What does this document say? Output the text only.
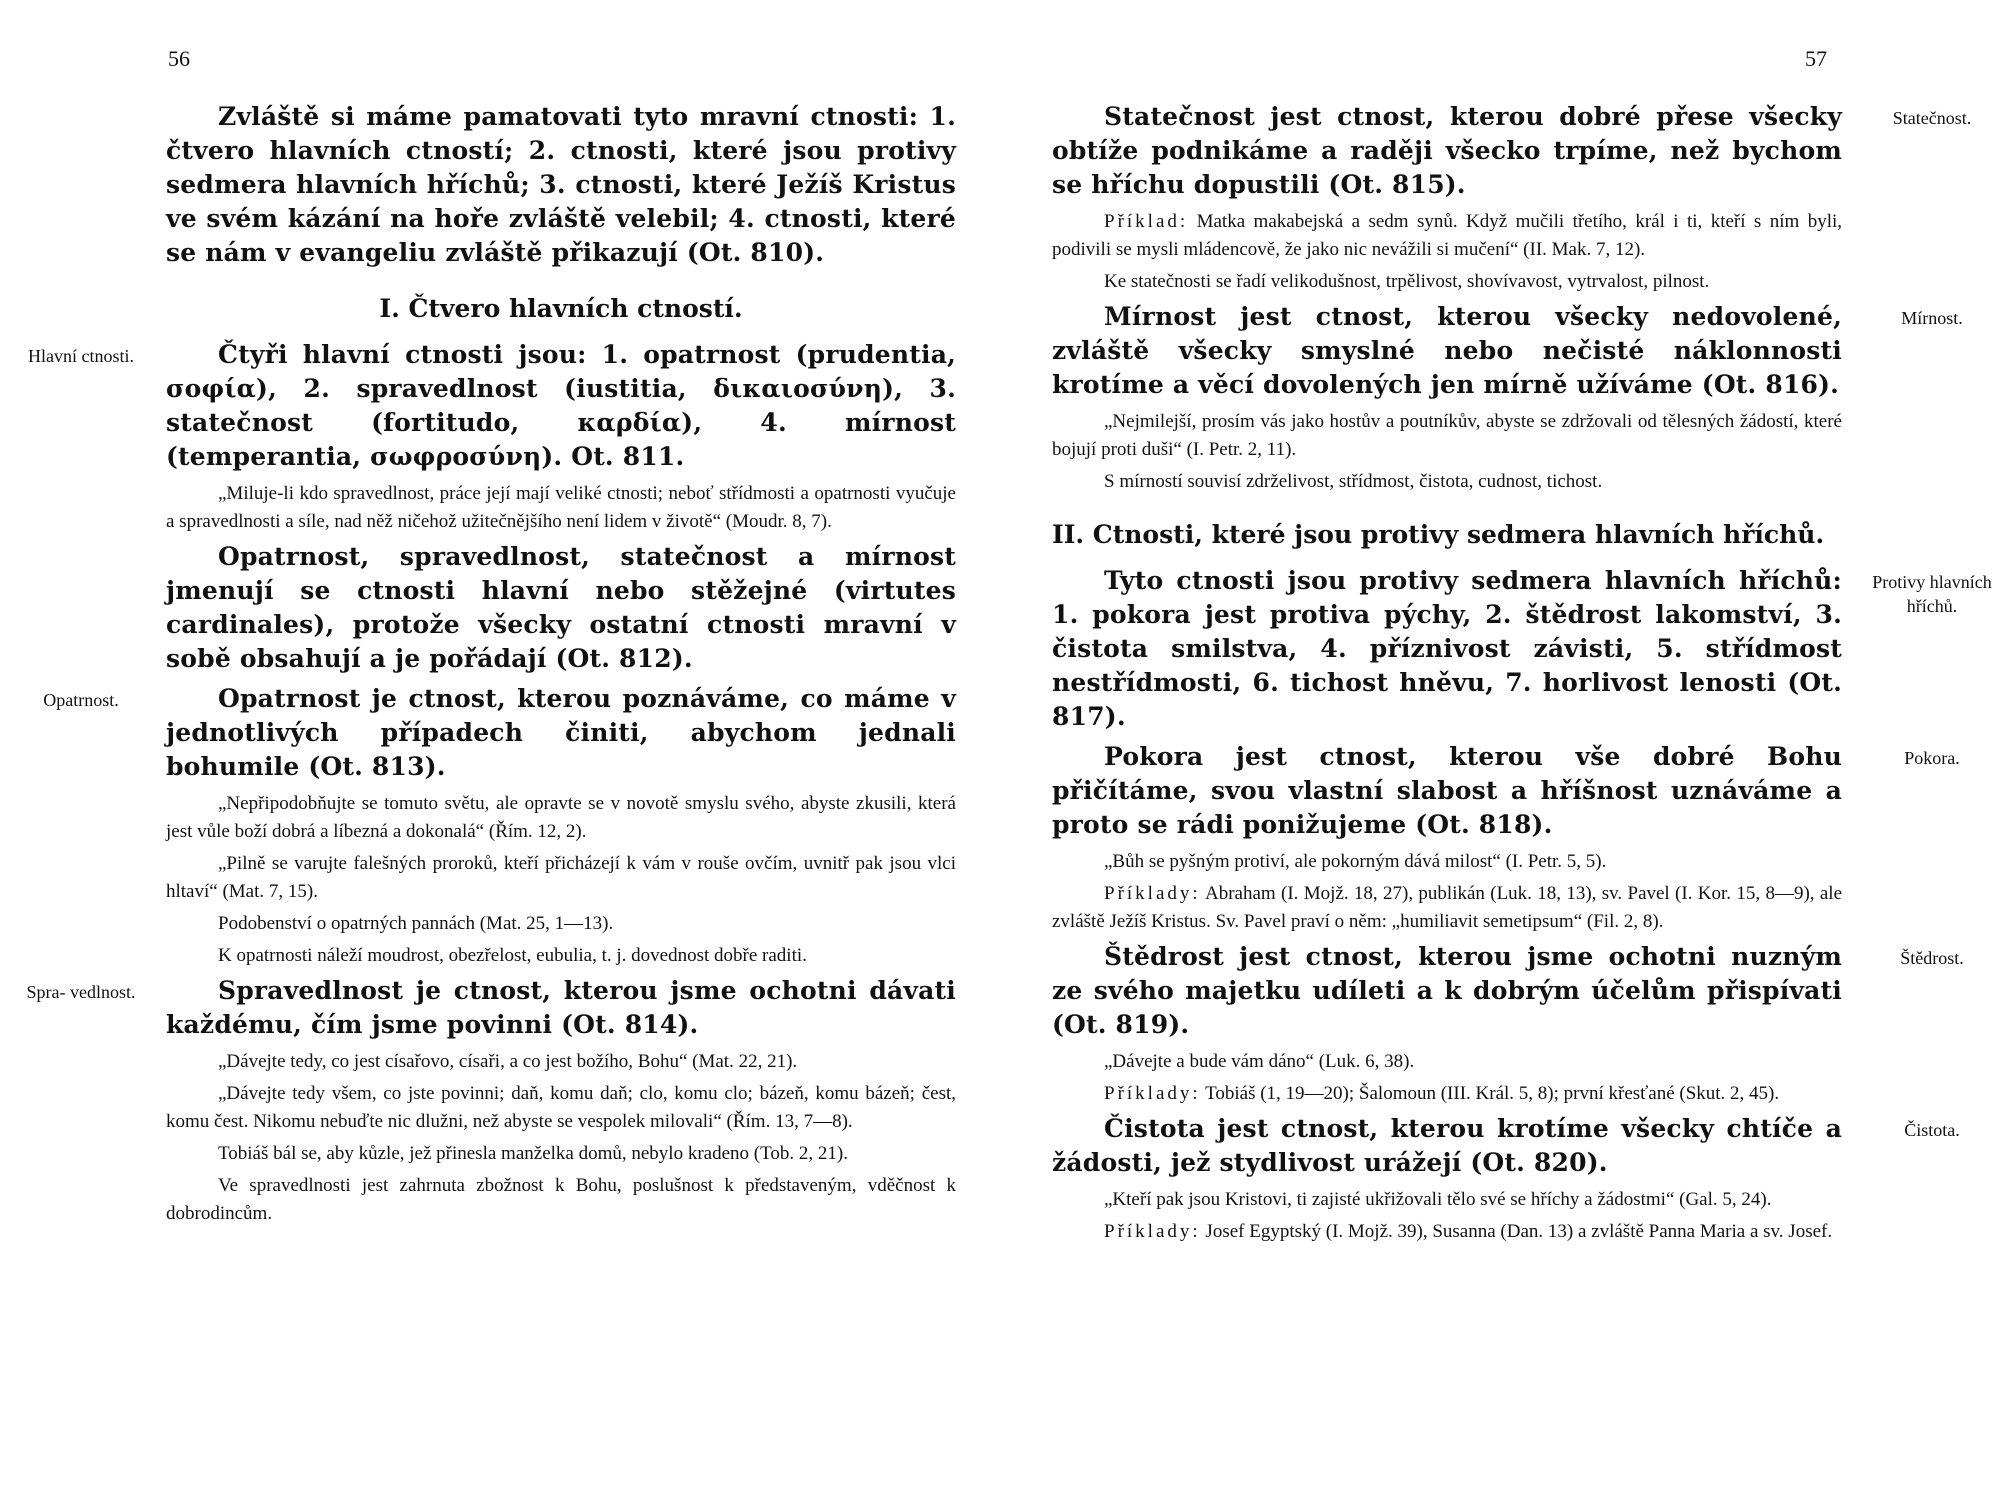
56

Zvláště si máme pamatovati tyto mravní ctnosti: 1. čtvero hlavních ctností; 2. ctnosti, které jsou protivy sedmera hlavních hříchů; 3. ctnosti, které Ježíš Kristus ve svém kázání na hoře zvláště velebil; 4. ctnosti, které se nám v evangeliu zvláště přikazují (Ot. 810).

I. Čtvero hlavních ctností.
Hlavní ctnosti.	Čtyři hlavní ctnosti jsou: 1. opatrnost (prudentia, σοφία), 2. spravedlnost (iustitia, δικαιοσύνη), 3. statečnost (fortitudo, καρδία), 4. mírnost (temperantia, σωφροσύνη). Ot. 811.

„Miluje-li kdo spravedlnost, práce její mají veliké ctnosti; neboť střídmosti a opatrnosti vyučuje a spravedlnosti a síle, nad něž ničehož užitečnějšího není lidem v životě“ (Moudr. 8, 7).

Opatrnost, spravedlnost, statečnost a mírnost jmenují se ctnosti hlavní nebo stěžejné (virtutes cardinales), protože všecky ostatní ctnosti mravní v sobě obsahují a je pořádají (Ot. 812).

Opatrnost.	Opatrnost je ctnost, kterou poznáváme, co máme v jednotlivých případech činiti, abychom jednali bohumile (Ot. 813).

„Nepřipodobňujte se tomuto světu, ale opravte se v novotě smyslu svého, abyste zkusili, která jest vůle boží dobrá a líbezná a dokonalá“ (Řím. 12, 2).

„Pilně se varujte falešných proroků, kteří přicházejí k vám v rouše ovčím, uvnitř pak jsou vlci hltaví“ (Mat. 7, 15).

Podobenství o opatrných pannách (Mat. 25, 1—13).

K opatrnosti náleží moudrost, obezřelost, eubulia, t. j. dovednost dobře raditi.

Spra- vedlnost.	Spravedlnost je ctnost, kterou jsme ochotni dávati každému, čím jsme povinni (Ot. 814).

„Dávejte tedy, co jest císařovo, císaři, a co jest božího, Bohu“ (Mat. 22, 21).

„Dávejte tedy všem, co jste povinni; daň, komu daň; clo, komu clo; bázeň, komu bázeň; čest, komu čest. Nikomu nebuďte nic dlužni, než abyste se vespolek milovali“ (Řím. 13, 7—8).

Tobiáš bál se, aby kůzle, jež přinesla manželka domů, nebylo kradeno (Tob. 2, 21).

Ve spravedlnosti jest zahrnuta zbožnost k Bohu, poslušnost k představeným, vděčnost k dobrodincům.

57
Statečnost.

Statečnost jest ctnost, kterou dobré přese všecky obtíže podnikáme a raději všecko trpíme, než bychom se hříchu dopustili (Ot. 815).

Příklad: Matka makabejská a sedm synů. Když mučili třetího, král i ti, kteří s ním byli, podivili se mysli mládencově, že jako nic nevážili si mučení“ (II. Mak. 7, 12).

Ke statečnosti se řadí velikodušnost, trpělivost, shovívavost, vytrvalost, pilnost.

Mírnost.

Mírnost jest ctnost, kterou všecky nedovolené, zvláště všecky smyslné nebo nečisté náklonnosti krotíme a věcí dovolených jen mírně užíváme (Ot. 816).

„Nejmilejší, prosím vás jako hostův a poutníkův, abyste se zdržovali od tělesných žádostí, které bojují proti duši“ (I. Petr. 2, 11).

S mírností souvisí zdrželivost, střídmost, čistota, cudnost, tichost.

II. Ctnosti, které jsou protivy sedmera hlavních hříchů.
Protivy hlavních hříchů.

Tyto ctnosti jsou protivy sedmera hlavních hříchů: 1. pokora jest protiva pýchy, 2. štědrost lakomství, 3. čistota smilstva, 4. příznivost závisti, 5. střídmost nestřídmosti, 6. tichost hněvu, 7. horlivost lenosti (Ot. 817).

Pokora.

Pokora jest ctnost, kterou vše dobré Bohu přičítáme, svou vlastní slabost a hříšnost uznáváme a proto se rádi ponižujeme (Ot. 818).

„Bůh se pyšným protiví, ale pokorným dává milost“ (I. Petr. 5, 5).

Příklady: Abraham (I. Mojž. 18, 27), publikán (Luk. 18, 13), sv. Pavel (I. Kor. 15, 8—9), ale zvláště Ježíš Kristus. Sv. Pavel praví o něm: „humiliavit semetipsum“ (Fil. 2, 8).

Štědrost.

Štědrost jest ctnost, kterou jsme ochotni nuzným ze svého majetku udíleti a k dobrým účelům přispívati (Ot. 819).

„Dávejte a bude vám dáno“ (Luk. 6, 38).

Příklady: Tobiáš (1, 19—20); Šalomoun (III. Král. 5, 8); první křesťané (Skut. 2, 45).

Čistota.

Čistota jest ctnost, kterou krotíme všecky chtíče a žádosti, jež stydlivost urážejí (Ot. 820).

„Kteří pak jsou Kristovi, ti zajisté ukřižovali tělo své se hříchy a žádostmi“ (Gal. 5, 24).

Příklady: Josef Egyptský (I. Mojž. 39), Susanna (Dan. 13) a zvláště Panna Maria a sv. Josef.
